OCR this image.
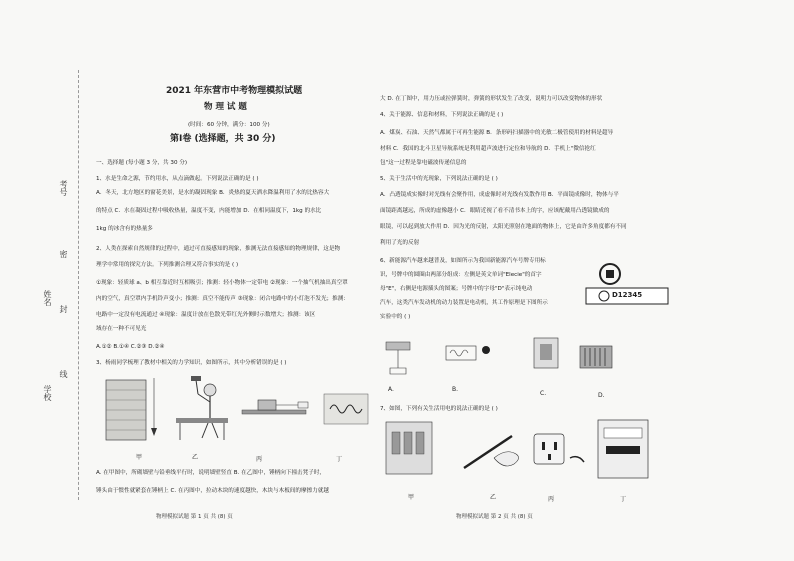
考号
密
姓名
封
学校
线
2021 年东营市中考物理模拟试题
物 理 试 题
(时间：60 分钟，满分：100 分)
第Ⅰ卷 (选择题，共 30 分)
一、选择题 (每小题 3 分，共 30 分)
1、水是生命之源，节约用水，从点滴做起。下列说法正确的是 ( )
A．冬天，北方地区的窗花美景，是水的凝固现象 B．炎热的夏天洒水降温利用了水的比热容大
的特点 C．水在凝固过程中吸收热量，温度不变，内能增加 D．在相同温度下，1kg 的水比
1kg 的冰含有的热量多
2、人类在探索自然规律的过程中，通过可直接感知的现象，推测无法直接感知的物理规律，这是物
理学中常用的探究方法。下列推测合理又符合事实的是 ( )
①现象：轻质球 a、b 相互靠近时互相吸引；推测：轻小物体一定带电 ②现象：一个抽气机抽出真空罩
内的空气，真空罩内手机铃声变小；推测：真空不能传声 ③现象：闭合电路中的小灯泡不发光；推测：
电路中一定没有电流通过 ④现象：温度计放在色散光带红光外侧时示数增大；推测：该区
域存在一种不可见光
A.①② B.①④ C.②③ D.②④
3、杨雨同学梳理了教材中相关的力学知识，如图所示，其中分析错误的是 ( )
甲	乙	丙	丁
A. 在甲图中，所砌墙壁与铅垂线平行时，说明墙壁竖直 B. 在乙图中，锤柄向下撞击凳子时，
锤头由于惯性就紧套在锤柄上 C. 在丙图中，拉动木块的速度越快，木块与木板间的摩擦力就越
物理模拟试题 第 1 页 共 (8) 页
大 D. 在丁图中，用力压或拉弹簧时，弹簧的形状发生了改变，说明力可以改变物体的形状
4、关于能源、信息和材料，下列说法正确的是 ( )
A．煤炭、石油、天然气都属于可再生能源 B．条形码扫描器中的光敏二极管使用的材料是超导
材料 C．我国的北斗卫星导航系统是利用超声波进行定位和导航的 D．手机上"微信抢红
包"这一过程是靠电磁波传递信息的
5、关于生活中的光现象，下列说法正确的是 ( )
A．凸透镜成实像时对光线有会聚作用，成虚像时对光线有发散作用 B．平面镜成像时，物体与平
面镜距离越远，所成的虚像越小 C．眼睛近视了看不清书本上的字，应该配戴用凸透镜做成的
眼镜，可以起到放大作用 D．因为光的反射，太阳光照射在地面的物体上，它是由许多角度都有不同
利用了光的反射
6、新能源汽车越来越普及，如图所示为我国新能源汽车号牌专用标
识，号牌中的圆圈由两部分组成：左侧是英文单词"Elecie"的首字
母"E"，右侧是电源插头的图案；号牌中的字母"D"表示纯电动
汽车，这类汽车发动机的动力装置是电动机，其工作原理是下图所示
实验中的 ( )
D12345
A.	B.
C.	D.
7、如图，下列有关生活用电的说法正确的是 ( )
甲	乙	丙	丁
物理模拟试题 第 2 页 共 (8) 页
